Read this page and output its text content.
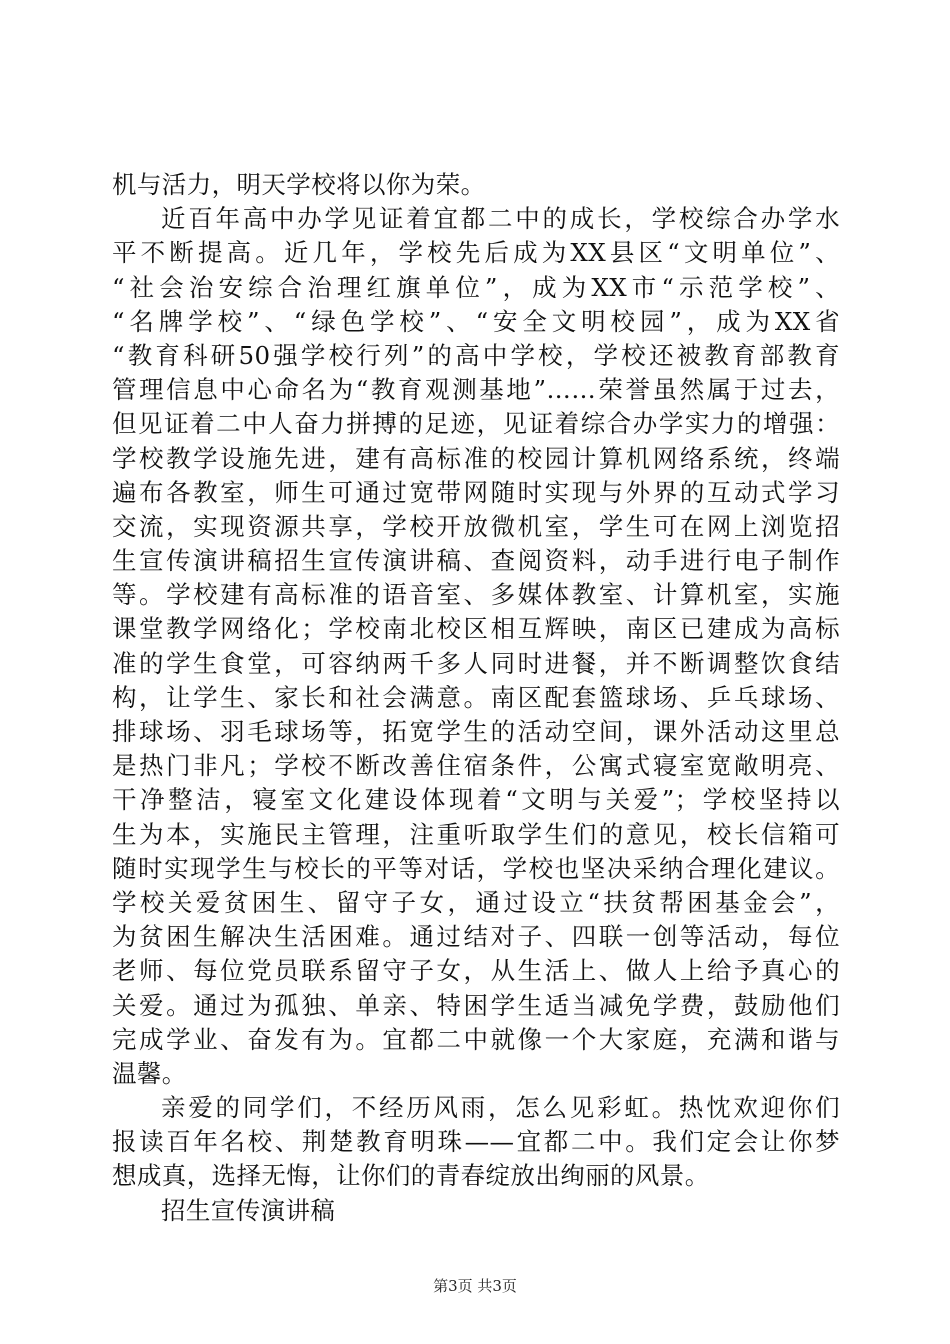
机与活力，明天学校将以你为荣。
近百年高中办学见证着宜都二中的成长，学校综合办学水
平不断提高。近几年，学校先后成为XX县区“文明单位”、
“社会治安综合治理红旗单位”，成为XX市“示范学校”、
“名牌学校”、“绿色学校”、“安全文明校园”，成为XX省
“教育科研50强学校行列”的高中学校，学校还被教育部教育
管理信息中心命名为“教育观测基地”……荣誉虽然属于过去，
但见证着二中人奋力拼搏的足迹，见证着综合办学实力的增强：
学校教学设施先进，建有高标准的校园计算机网络系统，终端
遍布各教室，师生可通过宽带网随时实现与外界的互动式学习
交流，实现资源共享，学校开放微机室，学生可在网上浏览招
生宣传演讲稿招生宣传演讲稿、查阅资料，动手进行电子制作
等。学校建有高标准的语音室、多媒体教室、计算机室，实施
课堂教学网络化；学校南北校区相互辉映，南区已建成为高标
准的学生食堂，可容纳两千多人同时进餐，并不断调整饮食结
构，让学生、家长和社会满意。南区配套篮球场、乒乓球场、
排球场、羽毛球场等，拓宽学生的活动空间，课外活动这里总
是热门非凡；学校不断改善住宿条件，公寓式寝室宽敞明亮、
干净整洁，寝室文化建设体现着“文明与关爱”；学校坚持以
生为本，实施民主管理，注重听取学生们的意见，校长信箱可
随时实现学生与校长的平等对话，学校也坚决采纳合理化建议。
学校关爱贫困生、留守子女，通过设立“扶贫帮困基金会”，
为贫困生解决生活困难。通过结对子、四联一创等活动，每位
老师、每位党员联系留守子女，从生活上、做人上给予真心的
关爱。通过为孤独、单亲、特困学生适当减免学费，鼓励他们
完成学业、奋发有为。宜都二中就像一个大家庭，充满和谐与
温馨。
亲爱的同学们，不经历风雨，怎么见彩虹。热忱欢迎你们
报读百年名校、荆楚教育明珠——宜都二中。我们定会让你梦
想成真，选择无悔，让你们的青春绽放出绚丽的风景。
招生宣传演讲稿
第3页 共3页
